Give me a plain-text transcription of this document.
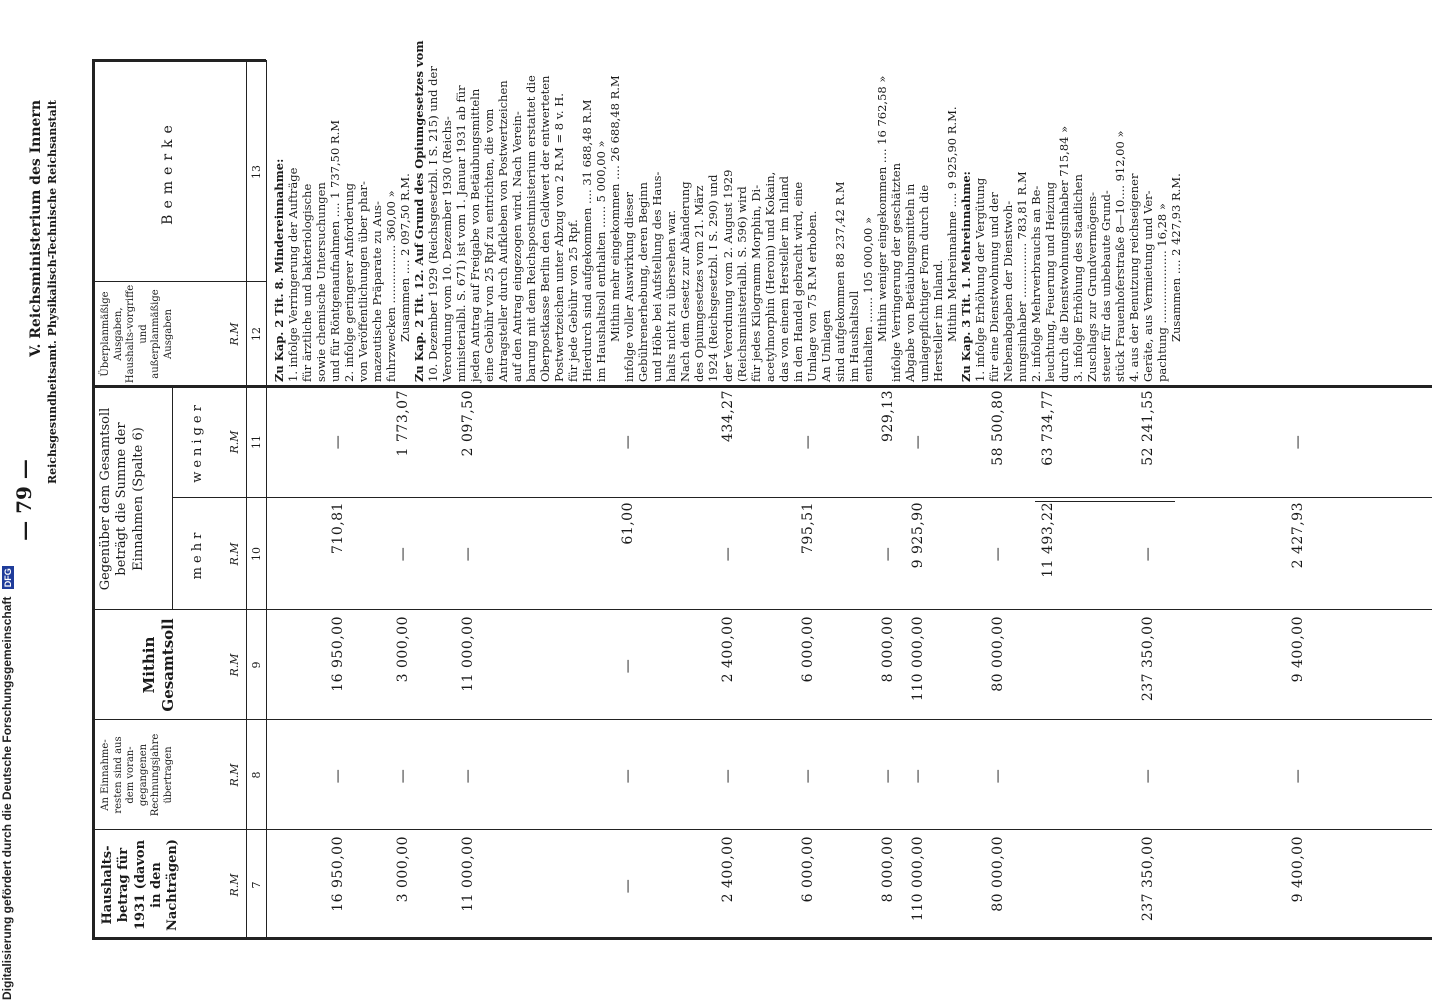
— 79 —
V. Reichsministerium des Innern Reichsgesundheitsamt. Physikalisch-Technische Reichsanstalt
Haushalts-betrag für 1931 (davon in den Nachträgen)
An Einnahme-resten sind aus dem voran-gegangenen Rechnungsjahre übertragen
Mithin Gesamtsoll
Gegenüber dem Gesamtsoll beträgt die Summe der Einnahmen (Spalte 6)	mehr
weniger
Überplanmäßige Ausgaben, Haushalts-vorgriffe und außerplanmäßige Ausgaben
Bemerke
R.M
R.M
R.M
R.M
R.M
R.M
7
8
9
10
11
12
13
16 950,00
—
16 950,00
710,81
—
3 000,00
—
3 000,00
—
1 773,07
11 000,00
—
11 000,00
—
2 097,50
—
—
—
61,00
—
2 400,00
—
2 400,00
—
434,27
6 000,00
—
6 000,00
795,51
—
8 000,00
—
8 000,00
—
929,13
110 000,00
—
110 000,00
9 925,90
—
80 000,00
—
80 000,00
—
58 500,80
11 493,22
63 734,77
237 350,00
—
237 350,00
—
52 241,55
9 400,00
—
9 400,00
2 427,93
—
Zu Kap. 2 Tit. 8. Mindereinnahme: 1. infolge Verringerung der Aufträge für ärztliche und bakteriologische sowie chemische Untersuchungen und für Röntgenaufnahmen .... 1 737,50 R.M 2. infolge geringerer Anforderung von Veröffentlichungen über phar- mazeutische Präparate zu Aus- fuhrzwecken ................ 360,00 » Zusammen .... 2 097,50 R.M. Zu Kap. 2 Tit. 12. Auf Grund des Opiumgesetzes vom 10. Dezember 1929 (Reichsgesetzbl. I S. 215) und der Verordnung vom 10. Dezember 1930 (Reichs- ministerialbl. S. 671) ist vom 1. Januar 1931 ab für jeden Antrag auf Freigabe von Betäubungsmitteln eine Gebühr von 25 Rpf zu entrichten, die vom Antragsteller durch Aufkleben von Postwertzeichen auf den Antrag eingezogen wird. Nach Verein- barung mit dem Reichspostministerium erstattet die Oberpostkasse Berlin den Geldwert der entwerteten Postwertzeichen unter Abzug von 2 R.M = 8 v. H. für jede Gebühr von 25 Rpf. Hierdurch sind aufgekommen .... 31 688,48 R.M im Haushaltsoll enthalten ...... 5 000,00 » Mithin mehr eingekommen .... 26 688,48 R.M infolge voller Auswirkung dieser Gebührenerhebung, deren Beginn und Höhe bei Aufstellung des Haus- halts nicht zu übersehen war. Nach dem Gesetz zur Abänderung des Opiumgesetzes vom 21. März 1924 (Reichsgesetzbl. I S. 290) und der Verordnung vom 2. August 1929 (Reichsministerialbl. S. 596) wird für jedes Kilogramm Morphin, Di- acetylmorphin (Heroin) und Kokain, das von einem Hersteller im Inland in den Handel gebracht wird, eine Umlage von 75 R.M erhoben. An Umlagen sind aufgekommen 88 237,42 R.M im Haushaltsoll enthalten ....... 105 000,00 » Mithin weniger eingekommen .... 16 762,58 » infolge Verringerung der geschätzten Abgabe von Betäubungsmitteln in umlagepflichtiger Form durch die Hersteller im Inland. Mithin Mehreinnahme .... 9 925,90 R.M. Zu Kap. 3 Tit. 1. Mehreinnahme: 1. infolge Erhöhung der Vergütung für eine Dienstwohnung und der Nebenabgaben der Dienstwoh- nungsinhaber ............... 783,81 R.M 2. infolge Mehrverbrauchs an Be- leuchtung, Feuerung und Heizung durch die Dienstwohnungsinhaber 715,84 » 3. infolge Erhöhung des staatlichen Zuschlags zur Grundvermögens- steuer für das unbebaute Grund- stück Frauenhoferstraße 8—10.... 912,00 » 4. aus der Benutzung reichseigener Geräte, aus Vermietung und Ver- pachtung .................... 16,28 » Zusammen .... 2 427,93 R.M.
Digitalisierung gefördert durch die Deutsche Forschungsgemeinschaft DFG
